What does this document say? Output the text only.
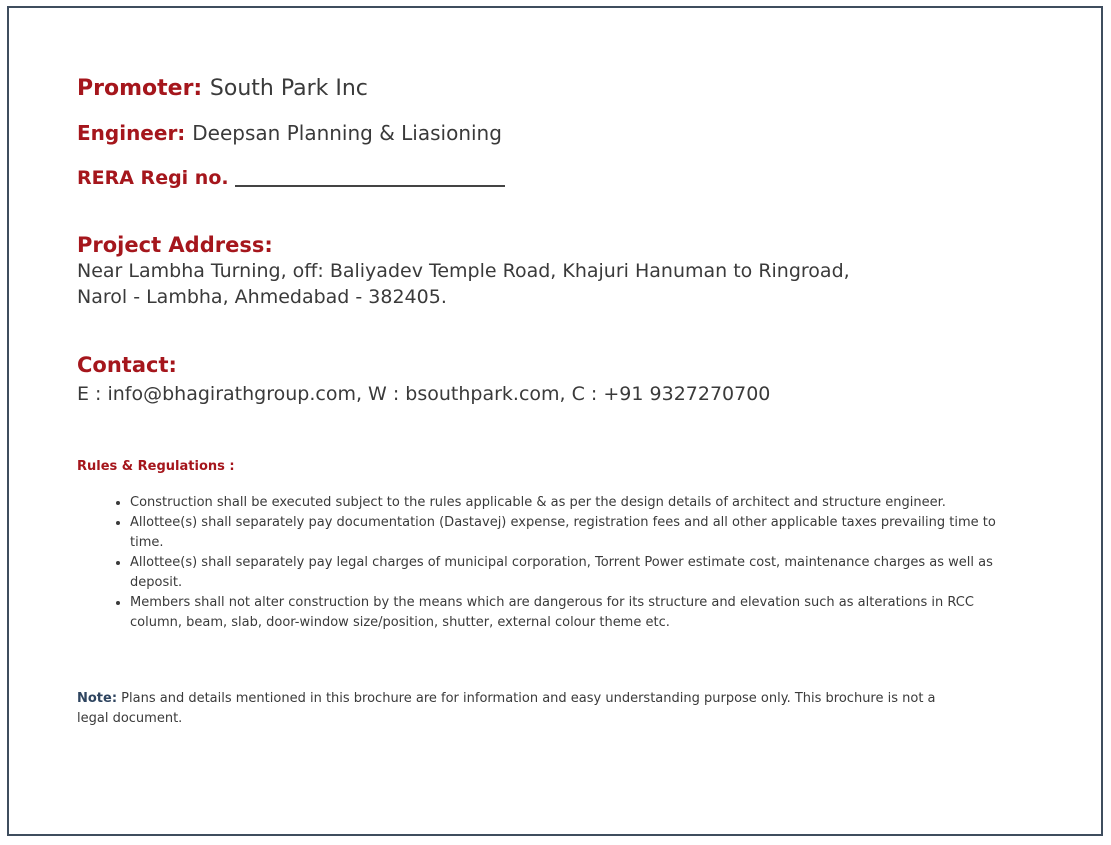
Promoter: South Park Inc
Engineer: Deepsan Planning & Liasioning
RERA Regi no.
Project Address:
Near Lambha Turning, off: Baliyadev Temple Road, Khajuri Hanuman to Ringroad,
Narol - Lambha, Ahmedabad - 382405.
Contact:
E : info@bhagirathgroup.com, W : bsouthpark.com, C : +91 9327270700
Rules & Regulations :
• Construction shall be executed subject to the rules applicable & as per the design details of architect and structure engineer.
• Allottee(s) shall separately pay documentation (Dastavej) expense, registration fees and all other applicable taxes prevailing time to time.
• Allottee(s) shall separately pay legal charges of municipal corporation, Torrent Power estimate cost, maintenance charges as well as deposit.
• Members shall not alter construction by the means which are dangerous for its structure and elevation such as alterations in RCC column, beam, slab, door-window size/position, shutter, external colour theme etc.
Note: Plans and details mentioned in this brochure are for information and easy understanding purpose only. This brochure is not a legal document.
